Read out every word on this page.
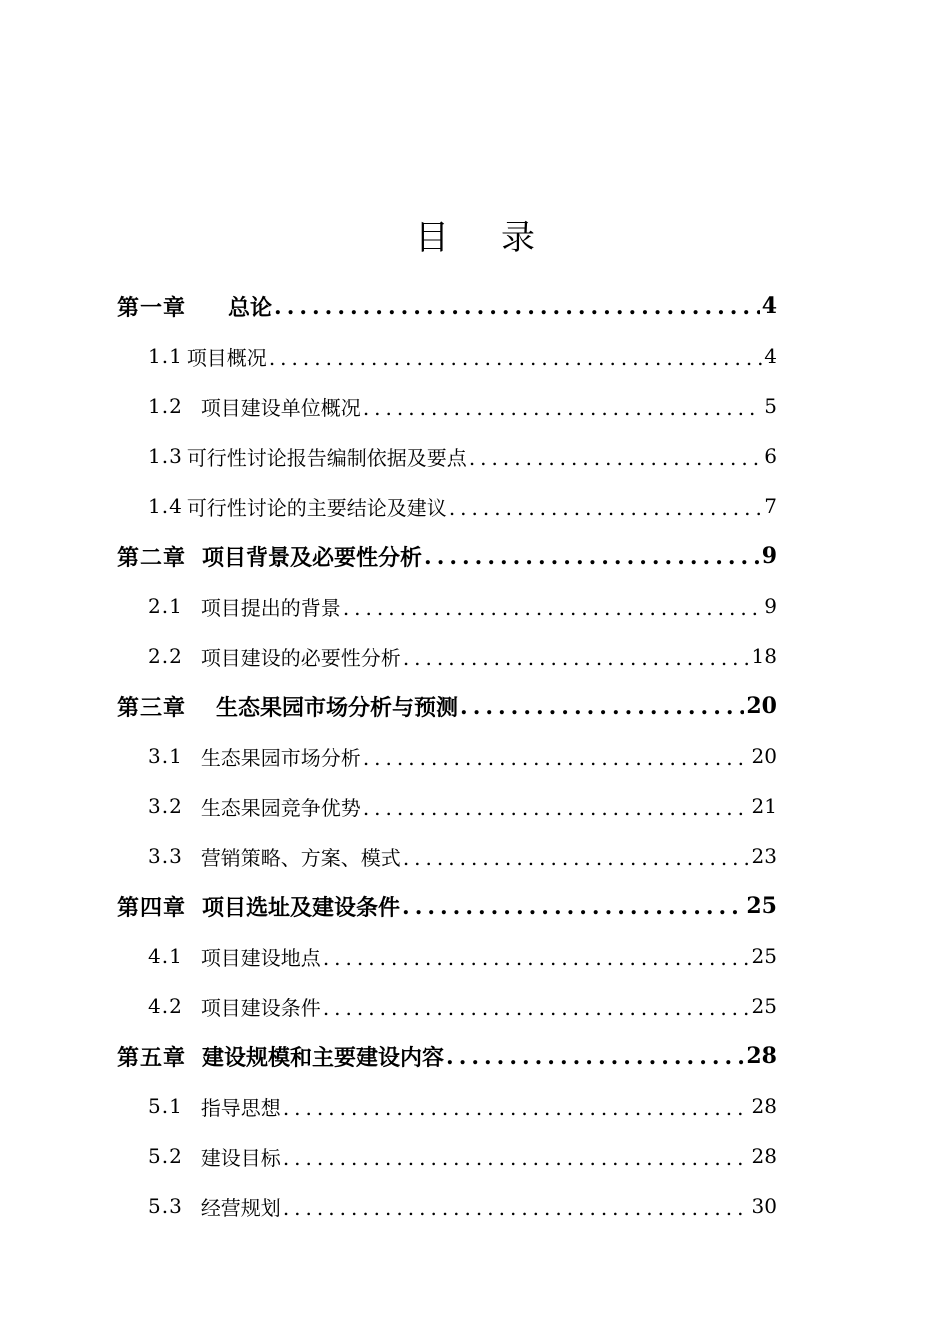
目 录
第一章 总论 .....	4
1.1 项目概况 .....	4
1.2 项目建设单位概况 .....	5
1.3 可行性讨论报告编制依据及要点 .....	6
1.4 可行性讨论的主要结论及建议 .....	7
第二章 项目背景及必要性分析 .....	9
2.1 项目提出的背景 .....	9
2.2 项目建设的必要性分析 .....	18
第三章 生态果园市场分析与预测 .....	20
3.1 生态果园市场分析 .....	20
3.2 生态果园竞争优势 .....	21
3.3 营销策略、方案、模式 .....	23
第四章 项目选址及建设条件 .....	25
4.1 项目建设地点 .....	25
4.2 项目建设条件 .....	25
第五章 建设规模和主要建设内容 .....	28
5.1 指导思想 .....	28
5.2 建设目标 .....	28
5.3 经营规划 .....	30
